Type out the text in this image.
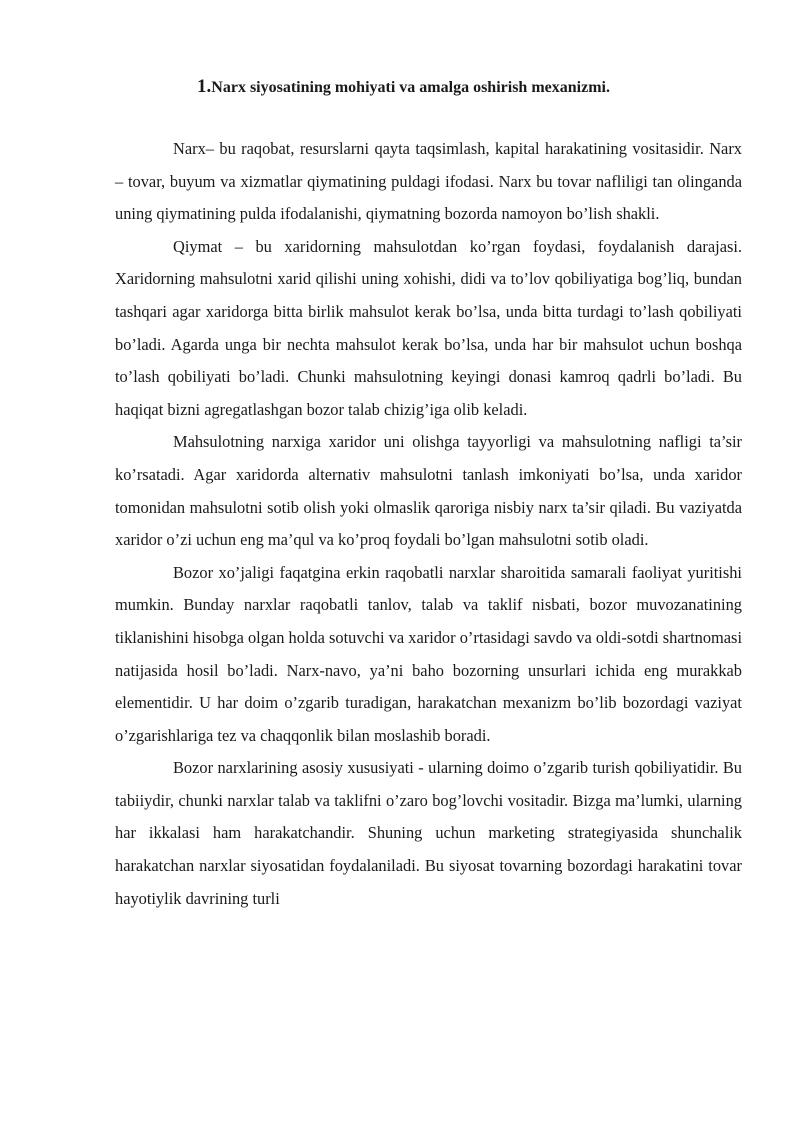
1.Narx siyosatining mohiyati va amalga oshirish mexanizmi.

Narx– bu raqobat, resurslarni qayta taqsimlash, kapital harakatining vositasidir. Narx – tovar, buyum va xizmatlar qiymatining puldagi ifodasi. Narx bu tovar nafliligi tan olinganda uning qiymatining pulda ifodalanishi, qiymatning bozorda namoyon bo’lish shakli.

Qiymat – bu xaridorning mahsulotdan ko’rgan foydasi, foydalanish darajasi. Xaridorning mahsulotni xarid qilishi uning xohishi, didi va to’lov qobiliyatiga bog’liq, bundan tashqari agar xaridorga bitta birlik mahsulot kerak bo’lsa, unda bitta turdagi to’lash qobiliyati bo’ladi. Agarda unga bir nechta mahsulot kerak bo’lsa, unda har bir mahsulot uchun boshqa to’lash qobiliyati bo’ladi. Chunki mahsulotning keyingi donasi kamroq qadrli bo’ladi. Bu haqiqat bizni agregatlashgan bozor talab chizig’iga olib keladi.

Mahsulotning narxiga xaridor uni olishga tayyorligi va mahsulotning nafligi ta’sir ko’rsatadi. Agar xaridorda alternativ mahsulotni tanlash imkoniyati bo’lsa, unda xaridor tomonidan mahsulotni sotib olish yoki olmaslik qaroriga nisbiy narx ta’sir qiladi. Bu vaziyatda xaridor o’zi uchun eng ma’qul va ko’proq foydali bo’lgan mahsulotni sotib oladi.

Bozor xo’jaligi faqatgina erkin raqobatli narxlar sharoitida samarali faoliyat yuritishi mumkin. Bunday narxlar raqobatli tanlov, talab va taklif nisbati, bozor muvozanatining tiklanishini hisobga olgan holda sotuvchi va xaridor o’rtasidagi savdo va oldi-sotdi shartnomasi natijasida hosil bo’ladi. Narx-navo, ya’ni baho bozorning unsurlari ichida eng murakkab elementidir. U har doim o’zgarib turadigan, harakatchan mexanizm bo’lib bozordagi vaziyat o’zgarishlariga tez va chaqqonlik bilan moslashib boradi.

Bozor narxlarining asosiy xususiyati - ularning doimo o’zgarib turish qobiliyatidir. Bu tabiiydir, chunki narxlar talab va taklifni o’zaro bog’lovchi vositadir. Bizga ma’lumki, ularning har ikkalasi ham harakatchandir. Shuning uchun marketing strategiyasida shunchalik harakatchan narxlar siyosatidan foydalaniladi. Bu siyosat tovarning bozordagi harakatini tovar hayotiylik davrining turli
